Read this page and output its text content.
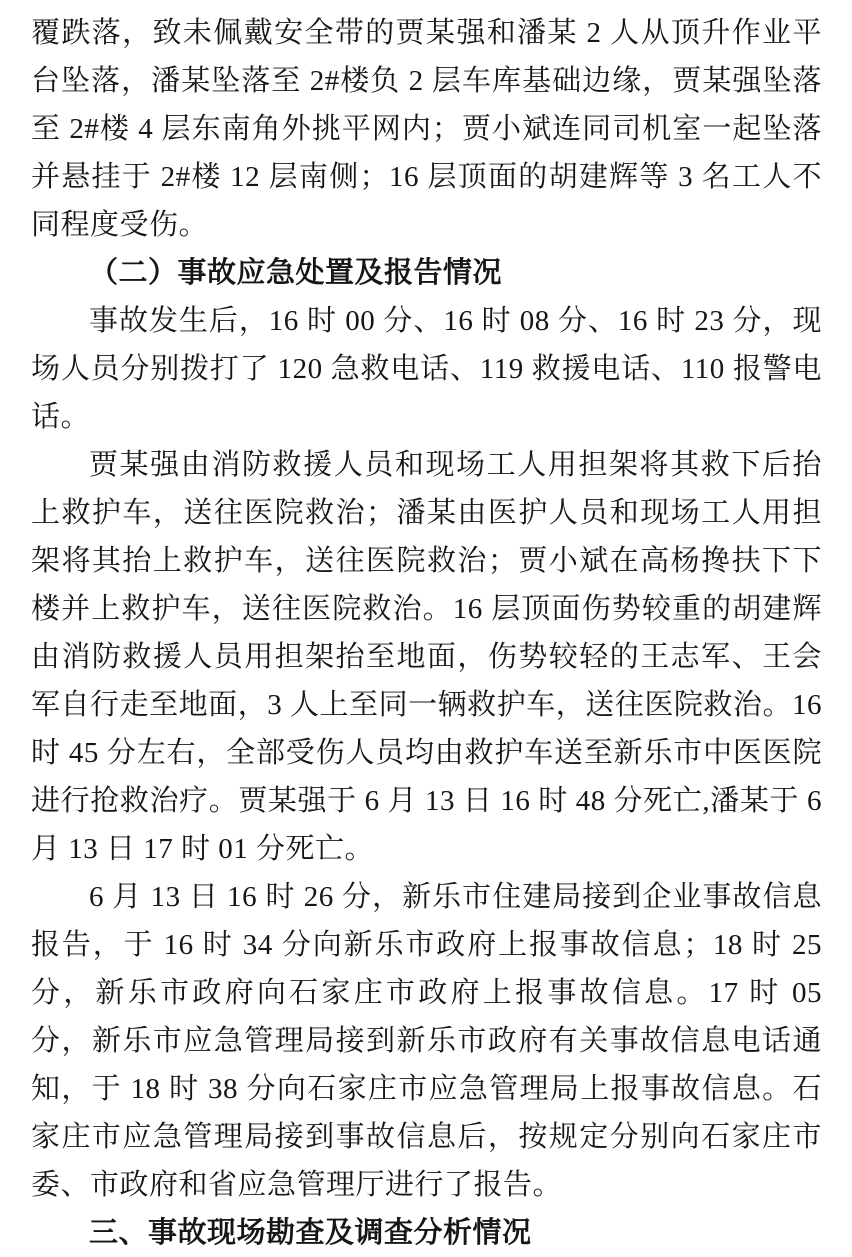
覆跌落，致未佩戴安全带的贾某强和潘某 2 人从顶升作业平台坠落，潘某坠落至 2#楼负 2 层车库基础边缘，贾某强坠落至 2#楼 4 层东南角外挑平网内；贾小斌连同司机室一起坠落并悬挂于 2#楼 12 层南侧；16 层顶面的胡建辉等 3 名工人不同程度受伤。

（二）事故应急处置及报告情况

事故发生后，16 时 00 分、16 时 08 分、16 时 23 分，现场人员分别拨打了 120 急救电话、119 救援电话、110 报警电话。

贾某强由消防救援人员和现场工人用担架将其救下后抬上救护车，送往医院救治；潘某由医护人员和现场工人用担架将其抬上救护车，送往医院救治；贾小斌在高杨搀扶下下楼并上救护车，送往医院救治。16 层顶面伤势较重的胡建辉由消防救援人员用担架抬至地面，伤势较轻的王志军、王会军自行走至地面，3 人上至同一辆救护车，送往医院救治。16 时 45 分左右，全部受伤人员均由救护车送至新乐市中医医院进行抢救治疗。贾某强于 6 月 13 日 16 时 48 分死亡,潘某于 6 月 13 日 17 时 01 分死亡。

6 月 13 日 16 时 26 分，新乐市住建局接到企业事故信息报告，于 16 时 34 分向新乐市政府上报事故信息；18 时 25 分，新乐市政府向石家庄市政府上报事故信息。17 时 05 分，新乐市应急管理局接到新乐市政府有关事故信息电话通知，于 18 时 38 分向石家庄市应急管理局上报事故信息。石家庄市应急管理局接到事故信息后，按规定分别向石家庄市委、市政府和省应急管理厅进行了报告。

三、事故现场勘查及调查分析情况
